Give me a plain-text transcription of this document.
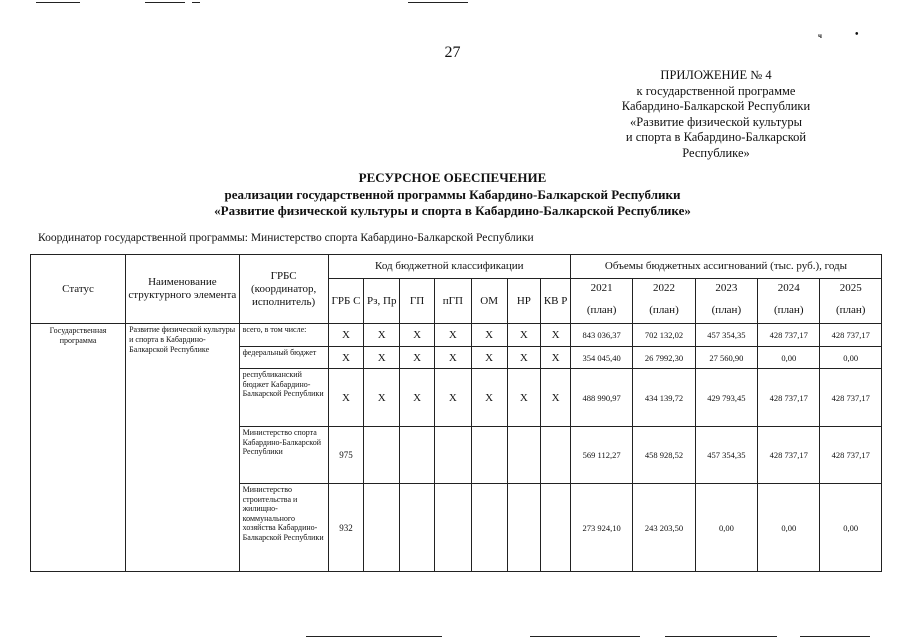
ч	•
27
ПРИЛОЖЕНИЕ № 4
к государственной программе
Кабардино-Балкарской Республики
«Развитие физической культуры
и спорта в Кабардино-Балкарской
Республике»
РЕСУРСНОЕ ОБЕСПЕЧЕНИЕ
реализации государственной программы Кабардино-Балкарской Республики
«Развитие физической культуры и спорта в Кабардино-Балкарской Республике»
Координатор государственной программы: Министерство спорта Кабардино-Балкарской Республики
Статус	Наименование структурного элемента	ГРБС (координатор, исполнитель)	Код бюджетной классификации							Объемы бюджетных ассигнований (тыс. руб.), годы				
			ГРБ С	Рз, Пр	ГП	пГП	ОМ	НР	КВ Р	2021	2022	2023	2024	2025
										(план)	(план)	(план)	(план)	(план)
Государственная программа	Развитие физической культуры и спорта в Кабардино-Балкарской Республике	всего, в том числе:	X	X	X	X	X	X	X	843 036,37	702 132,02	457 354,35	428 737,17	428 737,17
		федеральный бюджет	X	X	X	X	X	X	X	354 045,40	26 7992,30	27 560,90	0,00	0,00
		республиканский бюджет Кабардино-Балкарской Республики	X	X	X	X	X	X	X	488 990,97	434 139,72	429 793,45	428 737,17	428 737,17
		Министерство спорта Кабардино-Балкарской Республики	975							569 112,27	458 928,52	457 354,35	428 737,17	428 737,17
		Министерство строительства и жилищно-коммунального хозяйства Кабардино-Балкарской Республики	932							273 924,10	243 203,50	0,00	0,00	0,00
